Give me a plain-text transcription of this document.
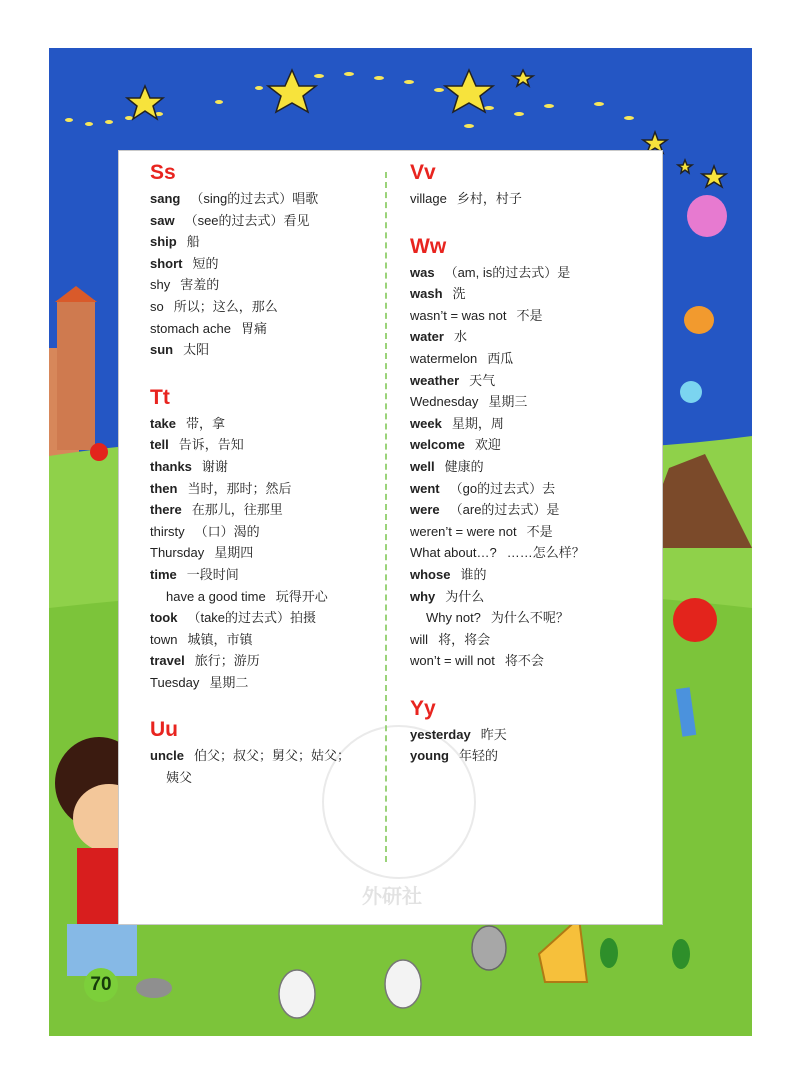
外研社
Ss
sang （sing的过去式）唱歌
saw （see的过去式）看见
ship 船
short 短的
shy 害羞的
so 所以；这么，那么
stomach ache 胃痛
sun 太阳
Tt
take 带，拿
tell 告诉，告知
thanks 谢谢
then 当时，那时；然后
there 在那儿，往那里
thirsty （口）渴的
Thursday 星期四
time 一段时间
have a good time 玩得开心
took （take的过去式）拍摄
town 城镇，市镇
travel 旅行；游历
Tuesday 星期二
Uu
uncle 伯父；叔父；舅父；姑父；
姨父
Vv
village 乡村，村子
Ww
was （am, is的过去式）是
wash 洗
wasn’t = was not 不是
water 水
watermelon 西瓜
weather 天气
Wednesday 星期三
week 星期，周
welcome 欢迎
well 健康的
went （go的过去式）去
were （are的过去式）是
weren’t = were not 不是
What about…? ……怎么样？
whose 谁的
why 为什么
Why not? 为什么不呢？
will 将，将会
won’t = will not 将不会
Yy
yesterday 昨天
young 年轻的
70
